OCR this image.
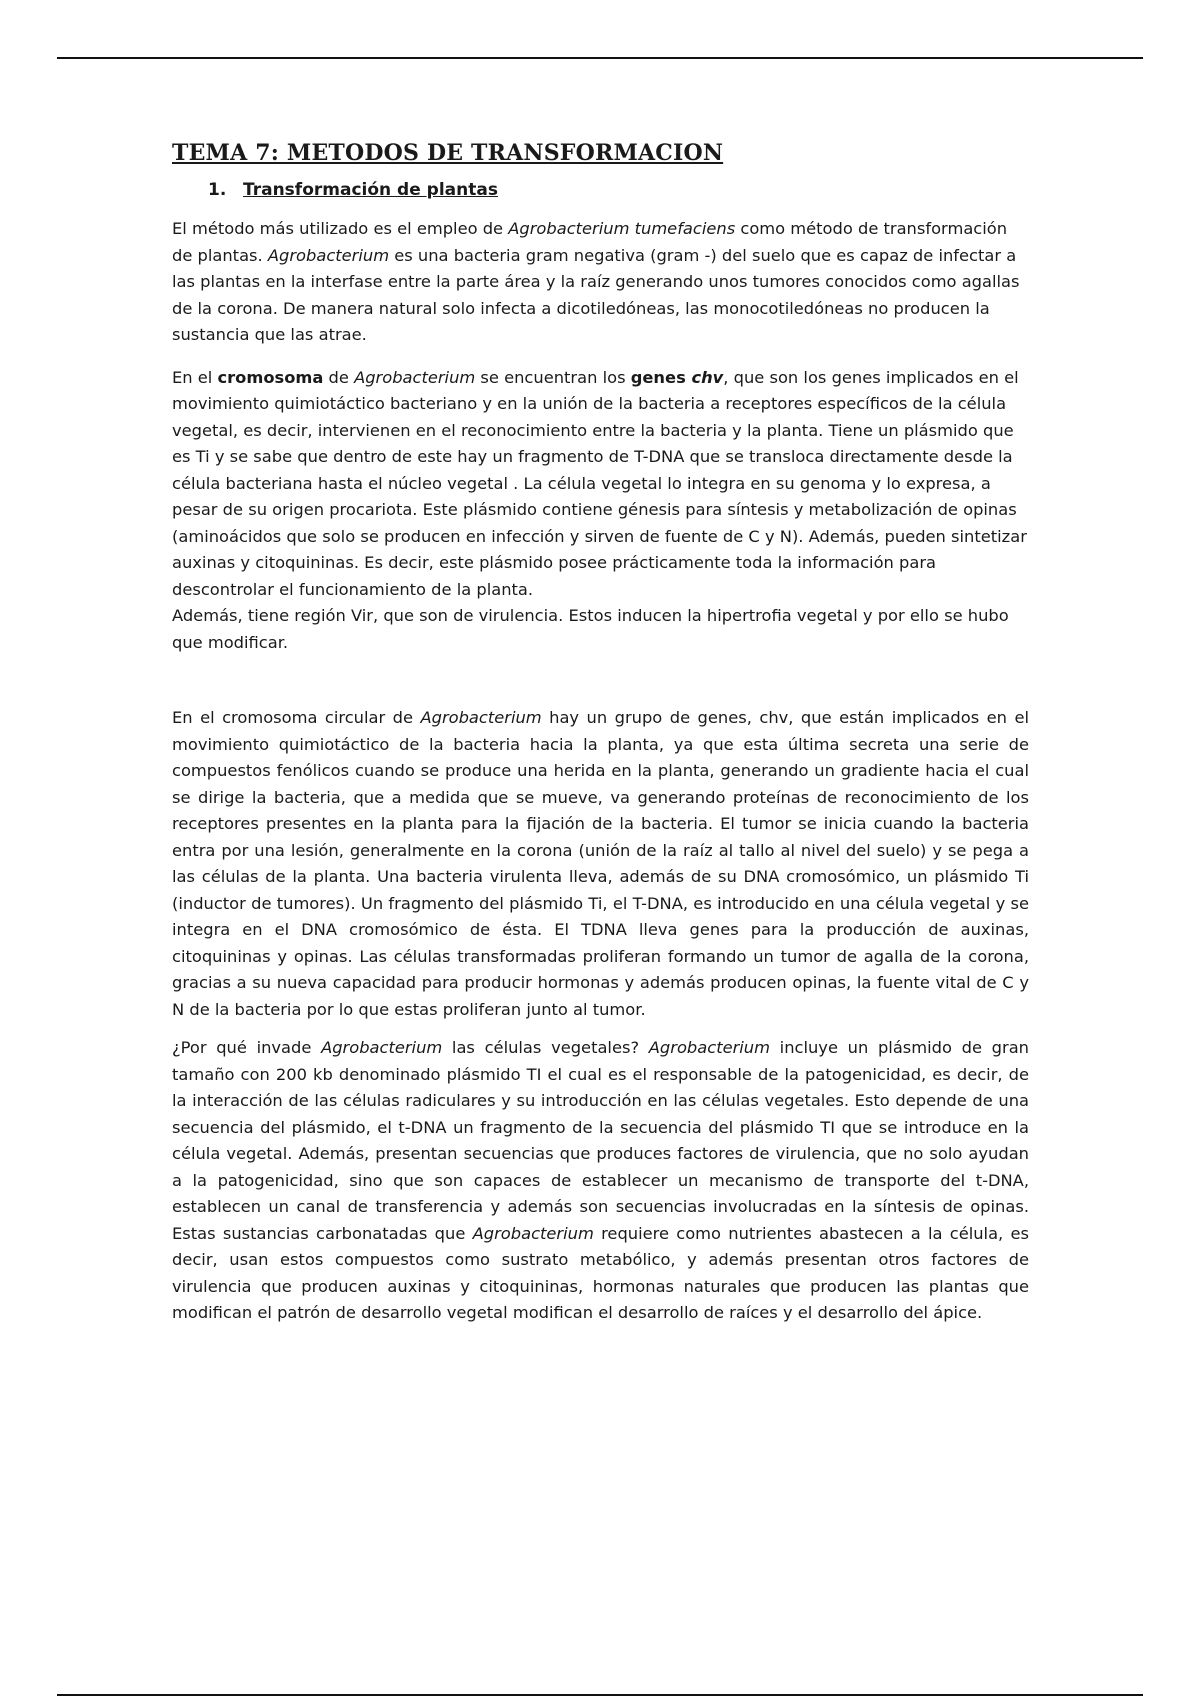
TEMA 7: METODOS DE TRANSFORMACION
1. Transformación de plantas

El método más utilizado es el empleo de Agrobacterium tumefaciens como método de transformación de plantas. Agrobacterium es una bacteria gram negativa (gram -) del suelo que es capaz de infectar a las plantas en la interfase entre la parte área y la raíz generando unos tumores conocidos como agallas de la corona. De manera natural solo infecta a dicotiledóneas, las monocotiledóneas no producen la sustancia que las atrae.

En el cromosoma de Agrobacterium se encuentran los genes chv, que son los genes implicados en el movimiento quimiotáctico bacteriano y en la unión de la bacteria a receptores específicos de la célula vegetal, es decir, intervienen en el reconocimiento entre la bacteria y la planta. Tiene un plásmido que es Ti y se sabe que dentro de este hay un fragmento de T-DNA que se transloca directamente desde la célula bacteriana hasta el núcleo vegetal . La célula vegetal lo integra en su genoma y lo expresa, a pesar de su origen procariota. Este plásmido contiene génesis para síntesis y metabolización de opinas (aminoácidos que solo se producen en infección y sirven de fuente de C y N). Además, pueden sintetizar auxinas y citoquininas. Es decir, este plásmido posee prácticamente toda la información para descontrolar el funcionamiento de la planta.

Además, tiene región Vir, que son de virulencia. Estos inducen la hipertrofia vegetal y por ello se hubo que modificar.

En el cromosoma circular de Agrobacterium hay un grupo de genes, chv, que están implicados en el movimiento quimiotáctico de la bacteria hacia la planta, ya que esta última secreta una serie de compuestos fenólicos cuando se produce una herida en la planta, generando un gradiente hacia el cual se dirige la bacteria, que a medida que se mueve, va generando proteínas de reconocimiento de los receptores presentes en la planta para la fijación de la bacteria. El tumor se inicia cuando la bacteria entra por una lesión, generalmente en la corona (unión de la raíz al tallo al nivel del suelo) y se pega a las células de la planta. Una bacteria virulenta lleva, además de su DNA cromosómico, un plásmido Ti (inductor de tumores). Un fragmento del plásmido Ti, el T-DNA, es introducido en una célula vegetal y se integra en el DNA cromosómico de ésta. El TDNA lleva genes para la producción de auxinas, citoquininas y opinas. Las células transformadas proliferan formando un tumor de agalla de la corona, gracias a su nueva capacidad para producir hormonas y además producen opinas, la fuente vital de C y N de la bacteria por lo que estas proliferan junto al tumor.

¿Por qué invade Agrobacterium las células vegetales? Agrobacterium incluye un plásmido de gran tamaño con 200 kb denominado plásmido TI el cual es el responsable de la patogenicidad, es decir, de la interacción de las células radiculares y su introducción en las células vegetales. Esto depende de una secuencia del plásmido, el t-DNA un fragmento de la secuencia del plásmido TI que se introduce en la célula vegetal. Además, presentan secuencias que produces factores de virulencia, que no solo ayudan a la patogenicidad, sino que son capaces de establecer un mecanismo de transporte del t-DNA, establecen un canal de transferencia y además son secuencias involucradas en la síntesis de opinas. Estas sustancias carbonatadas que Agrobacterium requiere como nutrientes abastecen a la célula, es decir, usan estos compuestos como sustrato metabólico, y además presentan otros factores de virulencia que producen auxinas y citoquininas, hormonas naturales que producen las plantas que modifican el patrón de desarrollo vegetal modifican el desarrollo de raíces y el desarrollo del ápice.
